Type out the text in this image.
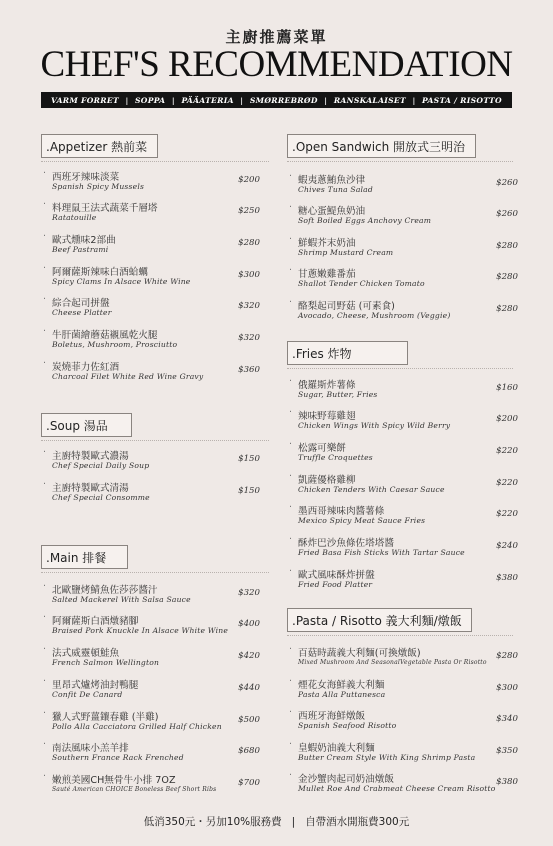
主廚推薦菜單
CHEF'S RECOMMENDATION
VARM FORRET | SOPPA | PÄÄATERIA | SMØRREBRØD | RANSKALAISET | PASTA / RISOTTO
.Appetizer 熱前菜
· 西班牙辣味淡菜
Spanish Spicy Mussels
$200
· 料理鼠王法式蔬菜千層塔
Ratatouille
$250
· 歐式燻味2部曲
Beef Pastrami
$280
· 阿爾薩斯辣味白酒蛤蠣
Spicy Clams In Alsace White Wine
$300
· 綜合起司拼盤
Cheese Platter
$320
· 牛肝菌繪蘑菇襯風乾火腿
Boletus, Mushroom, Prosciutto
$320
· 炭燒菲力佐紅酒
Charcoal Filet White Red Wine Gravy
$360
.Soup 湯品
· 主廚特製歐式濃湯
Chef Special Daily Soup
$150
· 主廚特製歐式清湯
Chef Special Consomme
$150
.Main 排餐
· 北歐鹽烤鯖魚佐莎莎醬汁
Salted Mackerel With Salsa Sauce
$320
· 阿爾薩斯白酒燉豬腳
Braised Pork Knuckle In Alsace White Wine
$400
· 法式威靈頓鮭魚
French Salmon Wellington
$420
· 里昂式爐烤油封鴨腿
Confit De Canard
$440
· 獵人式野薑鑲春雞 (半雞)
Pollo Alla Cacciatora Grilled Half Chicken
$500
· 南法風味小羔羊排
Southern France Rack Frenched
$680
· 嫩煎美國CH無骨牛小排 7OZ
Sauté American CHOICE Boneless Beef Short Ribs
$700
.Open Sandwich 開放式三明治
· 蝦夷蔥鮪魚沙律
Chives Tuna Salad
$260
· 糖心蛋鯷魚奶油
Soft Boiled Eggs Anchovy Cream
$260
· 鮮蝦芥末奶油
Shrimp Mustard Cream
$280
· 甘蔥嫩雞番茄
Shallot Tender Chicken Tomato
$280
· 酪梨起司野菇 (可素食)
Avocado, Cheese, Mushroom (Veggie)
$280
.Fries 炸物
· 俄羅斯炸薯條
Sugar, Butter, Fries
$160
· 辣味野莓雞翅
Chicken Wings With Spicy Wild Berry
$200
· 松露可樂餅
Truffle Croquettes
$220
· 凱薩優格雞柳
Chicken Tenders With Caesar Sauce
$220
· 墨西哥辣味肉醬薯條
Mexico Spicy Meat Sauce Fries
$220
· 酥炸巴沙魚條佐塔塔醬
Fried Basa Fish Sticks With Tartar Sauce
$240
· 歐式風味酥炸拼盤
Fried Food Platter
$380
.Pasta / Risotto 義大利麵/燉飯
· 百菇時蔬義大利麵(可換燉飯)
Mixed Mushroom And SeasonalVegetable Pasta Or Risotto
$280
· 煙花女海鮮義大利麵
Pasta Alla Puttanesca
$300
· 西班牙海鮮燉飯
Spanish Seafood Risotto
$340
· 皇蝦奶油義大利麵
Butter Cream Style With King Shrimp Pasta
$350
· 金沙蟹肉起司奶油燉飯
Mullet Roe And Crabmeat Cheese Cream Risotto
$380
低消350元・另加10%服務費 | 自帶酒水開瓶費300元
